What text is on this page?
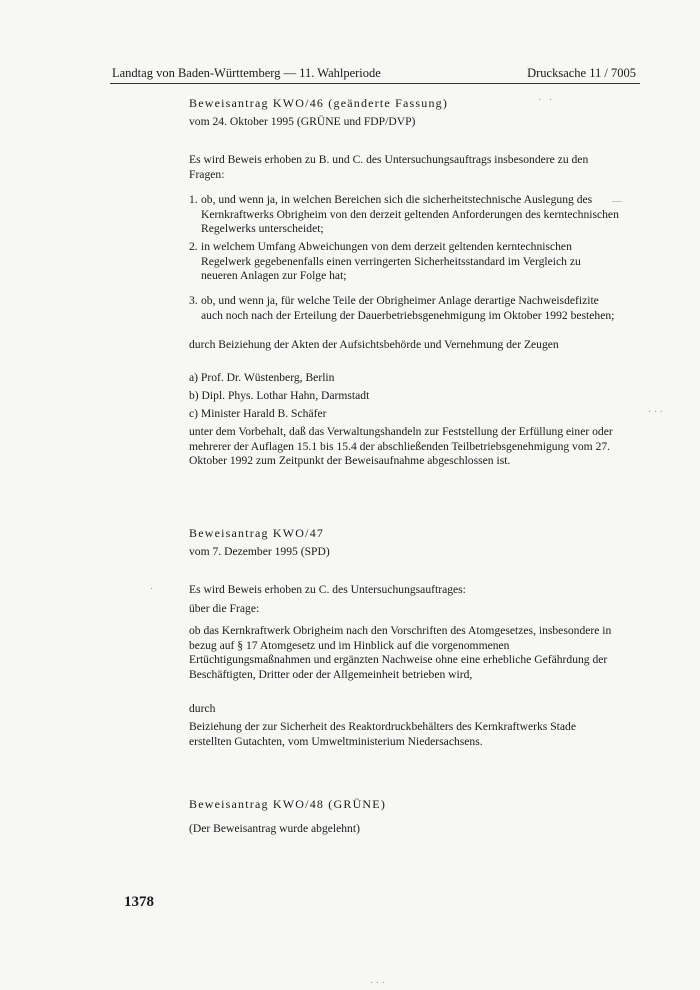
Landtag von Baden-Württemberg — 11. Wahlperiode	Drucksache 11 / 7005
Beweisantrag KWO/46 (geänderte Fassung)
vom 24. Oktober 1995 (GRÜNE und FDP/DVP)
Es wird Beweis erhoben zu B. und C. des Untersuchungsauftrags insbesondere zu den Fragen:
1. ob, und wenn ja, in welchen Bereichen sich die sicherheitstechnische Auslegung des Kernkraftwerks Obrigheim von den derzeit geltenden Anforderungen des kerntechnischen Regelwerks unterscheidet;
2. in welchem Umfang Abweichungen von dem derzeit geltenden kerntechnischen Regelwerk gegebenenfalls einen verringerten Sicherheitsstandard im Vergleich zu neueren Anlagen zur Folge hat;
3. ob, und wenn ja, für welche Teile der Obrigheimer Anlage derartige Nachweisdefizite auch noch nach der Erteilung der Dauerbetriebsgenehmigung im Oktober 1992 bestehen;
durch Beiziehung der Akten der Aufsichtsbehörde und Vernehmung der Zeugen
a) Prof. Dr. Wüstenberg, Berlin
b) Dipl. Phys. Lothar Hahn, Darmstadt
c) Minister Harald B. Schäfer
unter dem Vorbehalt, daß das Verwaltungshandeln zur Feststellung der Erfüllung einer oder mehrerer der Auflagen 15.1 bis 15.4 der abschließenden Teilbetriebsgenehmigung vom 27. Oktober 1992 zum Zeitpunkt der Beweisaufnahme abgeschlossen ist.
Beweisantrag KWO/47
vom 7. Dezember 1995 (SPD)
Es wird Beweis erhoben zu C. des Untersuchungsauftrages:
über die Frage:
ob das Kernkraftwerk Obrigheim nach den Vorschriften des Atomgesetzes, insbesondere in bezug auf § 17 Atomgesetz und im Hinblick auf die vorgenommenen Ertüchtigungsmaßnahmen und ergänzten Nachweise ohne eine erhebliche Gefährdung der Beschäftigten, Dritter oder der Allgemeinheit betrieben wird,
durch
Beiziehung der zur Sicherheit des Reaktordruckbehälters des Kernkraftwerks Stade erstellten Gutachten, vom Umweltministerium Niedersachsens.
Beweisantrag KWO/48 (GRÜNE)
(Der Beweisantrag wurde abgelehnt)
1378
·   ·
—
· · ·
·
· · ·
